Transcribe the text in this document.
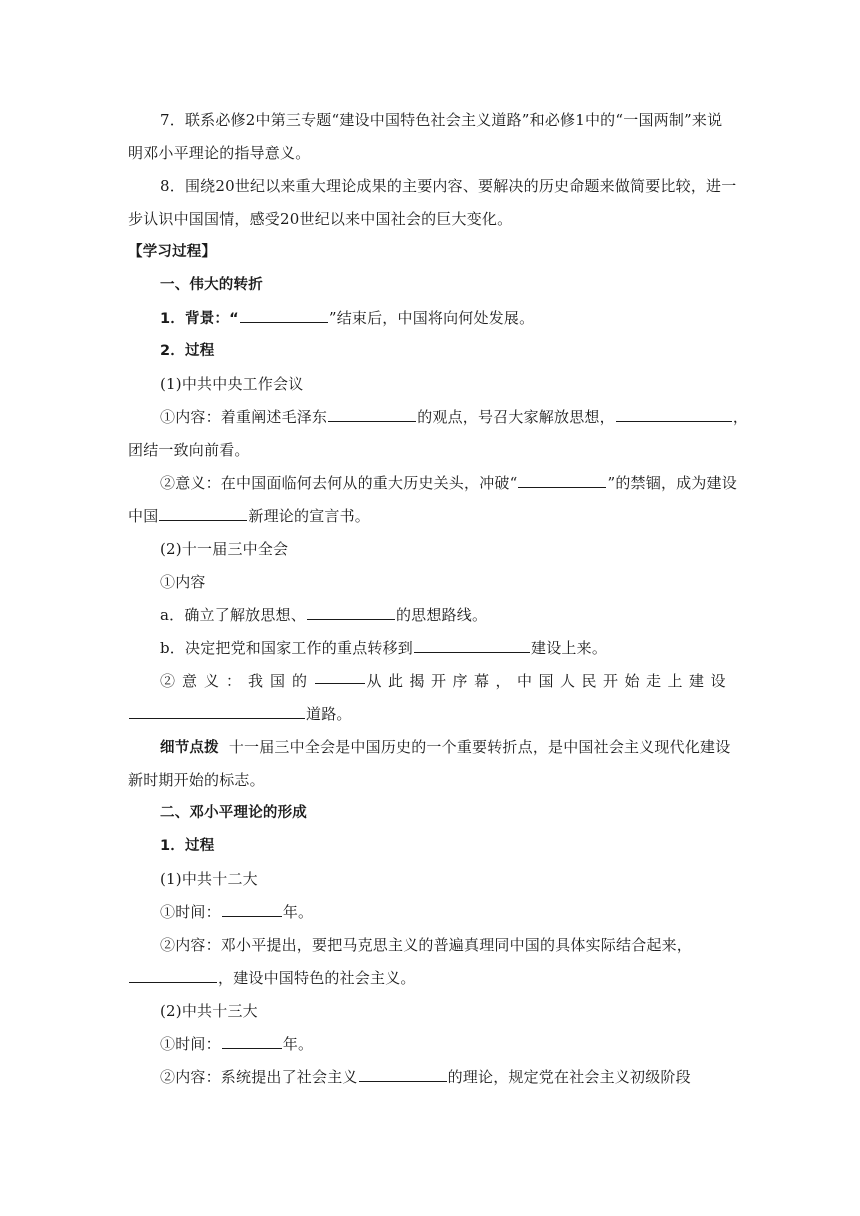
7．联系必修2中第三专题“建设中国特色社会主义道路”和必修1中的“一国两制”来说
明邓小平理论的指导意义。
8．围绕20世纪以来重大理论成果的主要内容、要解决的历史命题来做简要比较，进一
步认识中国国情，感受20世纪以来中国社会的巨大变化。
【学习过程】
一、伟大的转折
1．背景：“	”结束后，中国将向何处发展。
2．过程
(1)中共中央工作会议
①内容：着重阐述毛泽东	的观点，号召大家解放思想，	，
团结一致向前看。
②意义：在中国面临何去何从的重大历史关头，冲破“	”的禁锢，成为建设
中国	新理论的宣言书。
(2)十一届三中全会
①内容
a．确立了解放思想、	的思想路线。
b．决定把党和国家工作的重点转移到	建设上来。
②意义：我国的	从此揭开序幕，中国人民开始走上建设
道路。
细节点拨 十一届三中全会是中国历史的一个重要转折点，是中国社会主义现代化建设
新时期开始的标志。
二、邓小平理论的形成
1．过程
(1)中共十二大
①时间：	年。
②内容：邓小平提出，要把马克思主义的普遍真理同中国的具体实际结合起来，
，建设中国特色的社会主义。
(2)中共十三大
①时间：	年。
②内容：系统提出了社会主义	的理论，规定党在社会主义初级阶段
